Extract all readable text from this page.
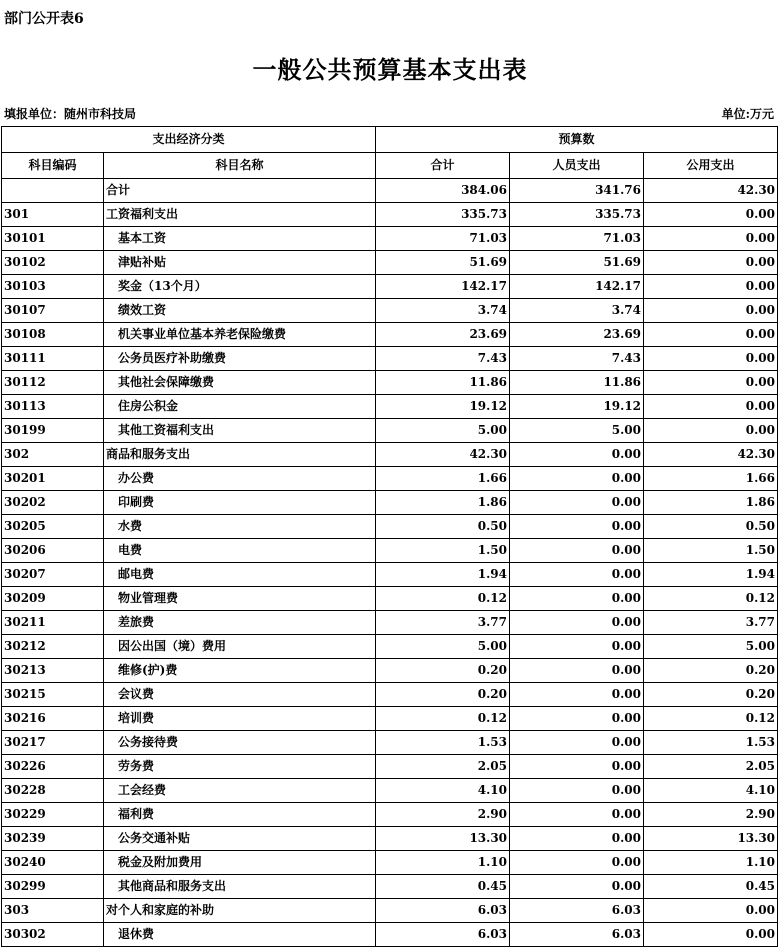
部门公开表6
一般公共预算基本支出表
填报单位：随州市科技局	单位:万元
支出经济分类		预算数		
科目编码	科目名称	合计	人员支出	公用支出
	合计	384.06	341.76	42.30
301	工资福利支出	335.73	335.73	0.00
30101	基本工资	71.03	71.03	0.00
30102	津贴补贴	51.69	51.69	0.00
30103	奖金（13个月）	142.17	142.17	0.00
30107	绩效工资	3.74	3.74	0.00
30108	机关事业单位基本养老保险缴费	23.69	23.69	0.00
30111	公务员医疗补助缴费	7.43	7.43	0.00
30112	其他社会保障缴费	11.86	11.86	0.00
30113	住房公积金	19.12	19.12	0.00
30199	其他工资福利支出	5.00	5.00	0.00
302	商品和服务支出	42.30	0.00	42.30
30201	办公费	1.66	0.00	1.66
30202	印刷费	1.86	0.00	1.86
30205	水费	0.50	0.00	0.50
30206	电费	1.50	0.00	1.50
30207	邮电费	1.94	0.00	1.94
30209	物业管理费	0.12	0.00	0.12
30211	差旅费	3.77	0.00	3.77
30212	因公出国（境）费用	5.00	0.00	5.00
30213	维修(护)费	0.20	0.00	0.20
30215	会议费	0.20	0.00	0.20
30216	培训费	0.12	0.00	0.12
30217	公务接待费	1.53	0.00	1.53
30226	劳务费	2.05	0.00	2.05
30228	工会经费	4.10	0.00	4.10
30229	福利费	2.90	0.00	2.90
30239	公务交通补贴	13.30	0.00	13.30
30240	税金及附加费用	1.10	0.00	1.10
30299	其他商品和服务支出	0.45	0.00	0.45
303	对个人和家庭的补助	6.03	6.03	0.00
30302	退休费	6.03	6.03	0.00
